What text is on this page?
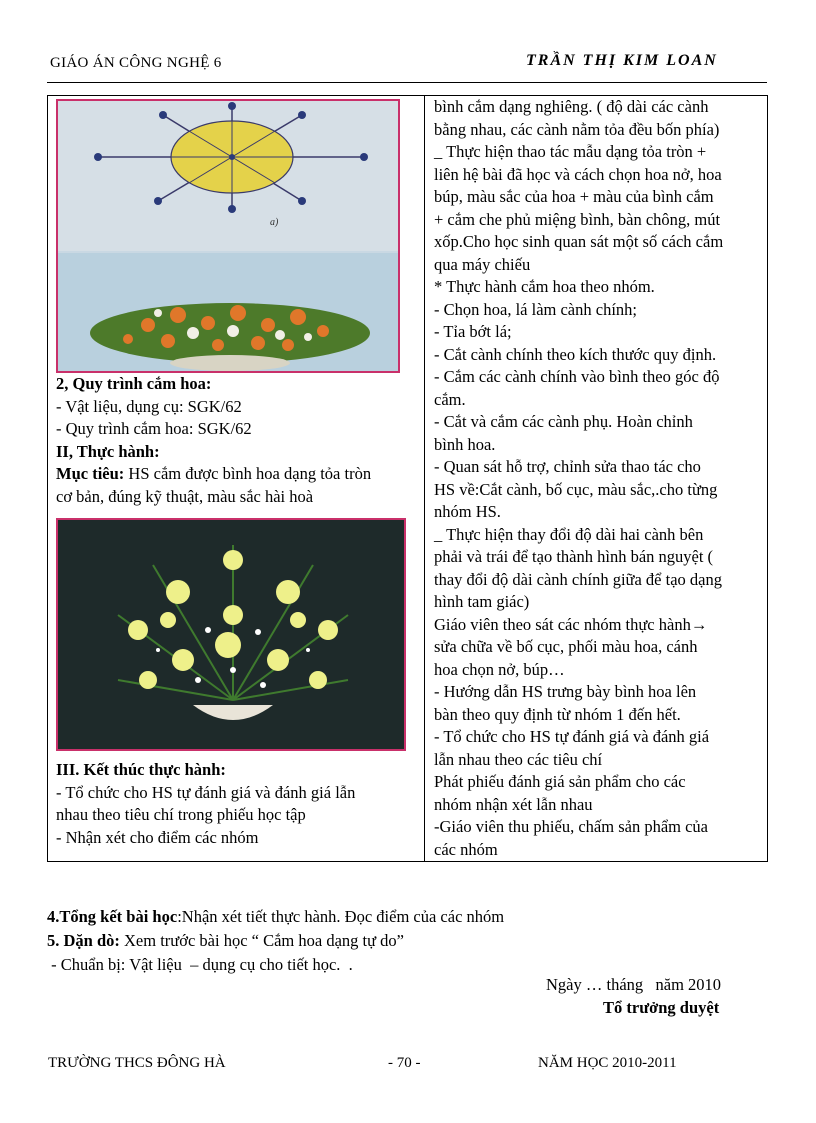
GIÁO ÁN CÔNG NGHỆ 6	TRẦN THỊ KIM LOAN
a)
2, Quy trình cắm hoa:
- Vật liệu, dụng cụ: SGK/62
- Quy trình cắm hoa: SGK/62
II, Thực hành:
Mục tiêu: HS cắm được bình hoa dạng tỏa tròn
cơ bản, đúng kỹ thuật, màu sắc hài hoà
III. Kết thúc thực hành:
- Tổ chức cho HS tự đánh giá và đánh giá lẫn
nhau theo tiêu chí trong phiếu học tập
- Nhận xét cho điểm các nhóm

bình cắm dạng nghiêng. ( độ dài các cành
bằng nhau, các cành nằm tỏa đều bốn phía)
_ Thực hiện thao tác mẫu dạng tỏa tròn +
liên hệ bài đã học và cách chọn hoa nở, hoa
búp, màu sắc của hoa + màu của bình cắm
+ cắm che phủ miệng bình, bàn chông, mút
xốp.Cho học sinh quan sát một số cách cắm
qua máy chiếu
* Thực hành cắm hoa theo nhóm.
- Chọn hoa, lá làm cành chính;
- Tỉa bớt lá;
- Cắt cành chính theo kích thước quy định.
- Cắm các cành chính vào bình theo góc độ
cắm.
- Cắt và cắm các cành phụ. Hoàn chỉnh
bình hoa.
- Quan sát hỗ trợ, chỉnh sửa thao tác cho
HS về:Cắt cành, bố cục, màu sắc,.cho từng
nhóm HS.
_ Thực hiện thay đổi độ dài hai cành bên
phải và trái để tạo thành hình bán nguyệt (
thay đổi độ dài cành chính giữa để tạo dạng
hình tam giác)
Giáo viên theo sát các nhóm thực hành→
sửa chữa về bố cục, phối màu hoa, cánh
hoa chọn nở, búp…
- Hướng dẫn HS trưng bày bình hoa lên
bàn theo quy định từ nhóm 1 đến hết.
- Tổ chức cho HS tự đánh giá và đánh giá
lẫn nhau theo các tiêu chí
Phát phiếu đánh giá sản phẩm cho các
nhóm nhận xét lẫn nhau
-Giáo viên thu phiếu, chấm sản phẩm của
các nhóm
4.Tổng kết bài học:Nhận xét tiết thực hành. Đọc điểm của các nhóm
5. Dặn dò: Xem trước bài học “ Cắm hoa dạng tự do”
- Chuẩn bị: Vật liệu  – dụng cụ cho tiết học.  .
Ngày … tháng   năm 2010
Tổ trưởng duyệt
TRƯỜNG THCS ĐÔNG HÀ	- 70 -	NĂM HỌC 2010-2011
